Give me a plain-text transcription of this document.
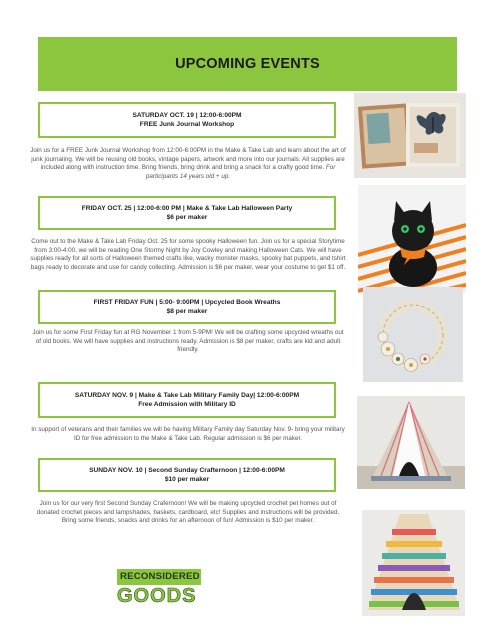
UPCOMING EVENTS
SATURDAY OCT. 19 | 12:00-6:00PM
FREE Junk Journal Workshop
Join us for a FREE Junk Journal Workshop from 12:00-6:00PM in the Make & Take Lab and learn about the art of junk journaling. We will be reusing old books, vintage papers, artwork and more into our journals. All supplies are included along with instruction time. Bring friends, bring drink and bring a snack for a crafty good time. For participants 14 years old + up.
FRIDAY OCT. 25 | 12:00-6:00 PM | Make & Take Lab Halloween Party
$6 per maker
Come out to the Make & Take Lab Friday Oct. 25 for some spooky Halloween fun. Join us for a special Storytime from 3:00-4:00, we will be reading One Stormy Night by Joy Cowley and making Halloween Cats. We will have supplies ready for all sorts of Halloween themed crafts like, wacky monster masks, spooky bat puppets, and tshirt bags ready to decorate and use for candy collecting. Admission is $6 per maker, wear your costume to get $1 off.
FIRST FRIDAY FUN | 5:00- 9:00PM | Upcycled Book Wreaths
$8 per maker
Join us for some First Friday fun at RG November 1 from 5-9PM! We will be crafting some upcycled wreaths out of old books. We will have supplies and instructions ready. Admission is $8 per maker, crafts are kid and adult friendly.
SATURDAY NOV. 9 | Make & Take Lab Military Family Day| 12:00-6:00PM
Free Admission with Military ID
In support of veterans and their families we will be having Military Family day Saturday Nov. 9- bring your military ID for free admission to the Make & Take Lab. Regular admission is $6 per maker.
SUNDAY NOV. 10 | Second Sunday Crafternoon | 12:00-6:00PM
$10 per maker
Join us for our very first Second Sunday Crafernoon! We will be making upcycled crochet pet homes out of donated crochet pieces and lampshades, baskets, cardboard, etc! Supplies and instructions will be provided. Bring some friends, snacks and drinks for an afternoon of fun! Admission is $10 per maker.
RECONSIDERED
GOODS
